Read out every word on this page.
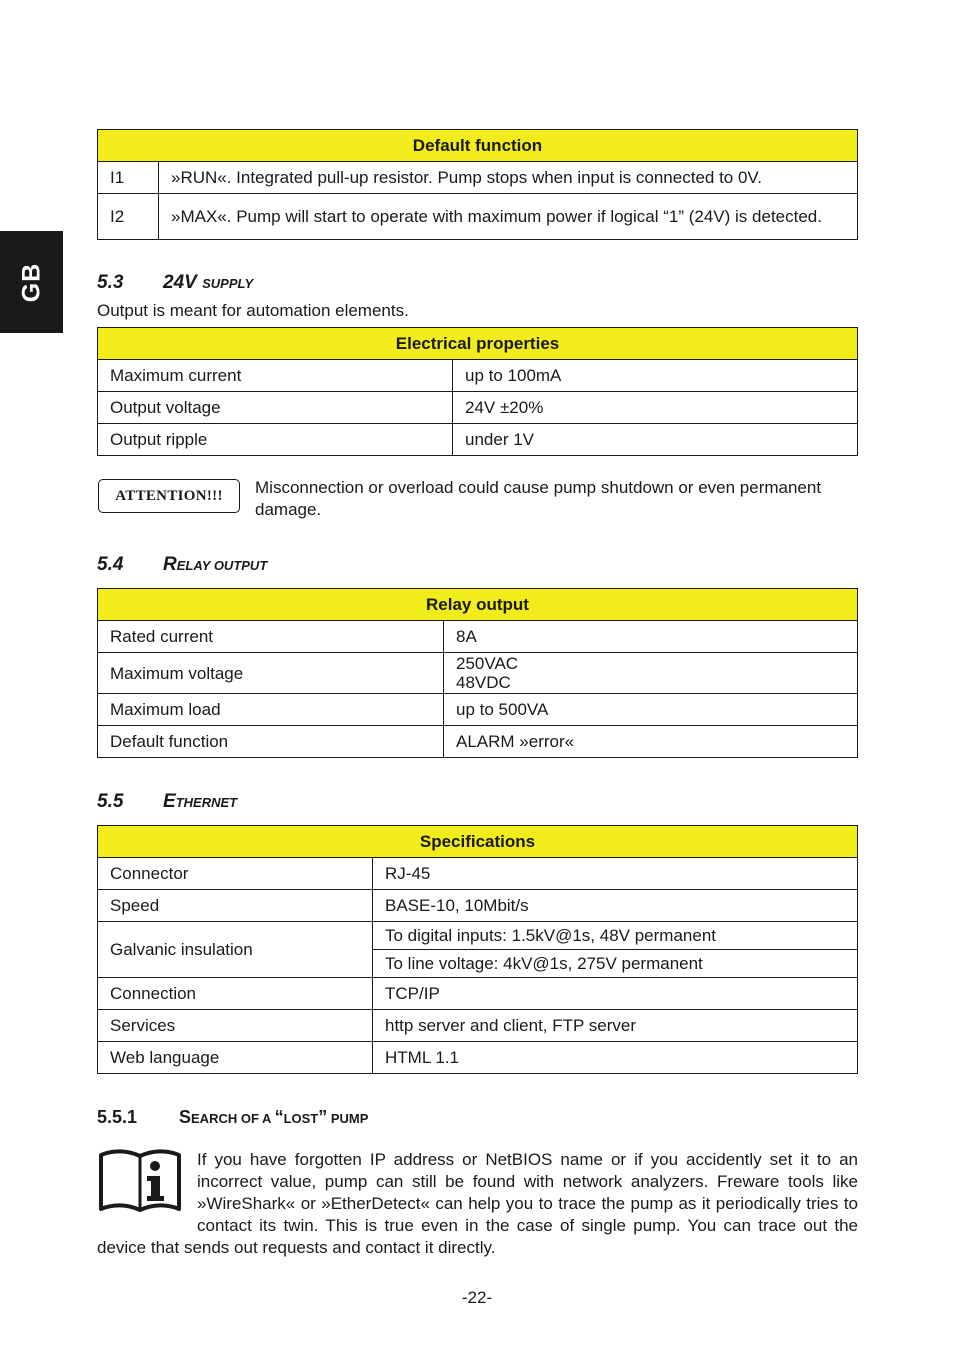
GB
Default function	
I1	»RUN«. Integrated pull-up resistor. Pump stops when input is connected to 0V.
I2	»MAX«. Pump will start to operate with maximum power if logical “1” (24V) is detected.
5.3 24V SUPPLY
Output is meant for automation elements.
Electrical properties	
Maximum current	up to 100mA
Output voltage	24V ±20%
Output ripple	under 1V
ATTENTION!!! Misconnection or overload could cause pump shutdown or even permanent damage.
5.4 RELAY OUTPUT
Relay output	
Rated current	8A
Maximum voltage	250VAC
48VDC

Maximum load	up to 500VA
Default function	ALARM »error«
5.5 ETHERNET
Specifications	
Connector	RJ-45
Speed	BASE-10, 10Mbit/s
Galvanic insulation	To digital inputs: 1.5kV@1s, 48V permanent
	To line voltage: 4kV@1s, 275V permanent
Connection	TCP/IP
Services	http server and client, FTP server
Web language	HTML 1.1
5.5.1 SEARCH OF A “LOST” PUMP
If you have forgotten IP address or NetBIOS name or if you accidently set it to an incorrect value, pump can still be found with network analyzers. Freware tools like »WireShark« or »EtherDetect« can help you to trace the pump as it periodically tries to contact its twin. This is true even in the case of single pump. You can trace out the device that sends out requests and contact it directly.
-22-
